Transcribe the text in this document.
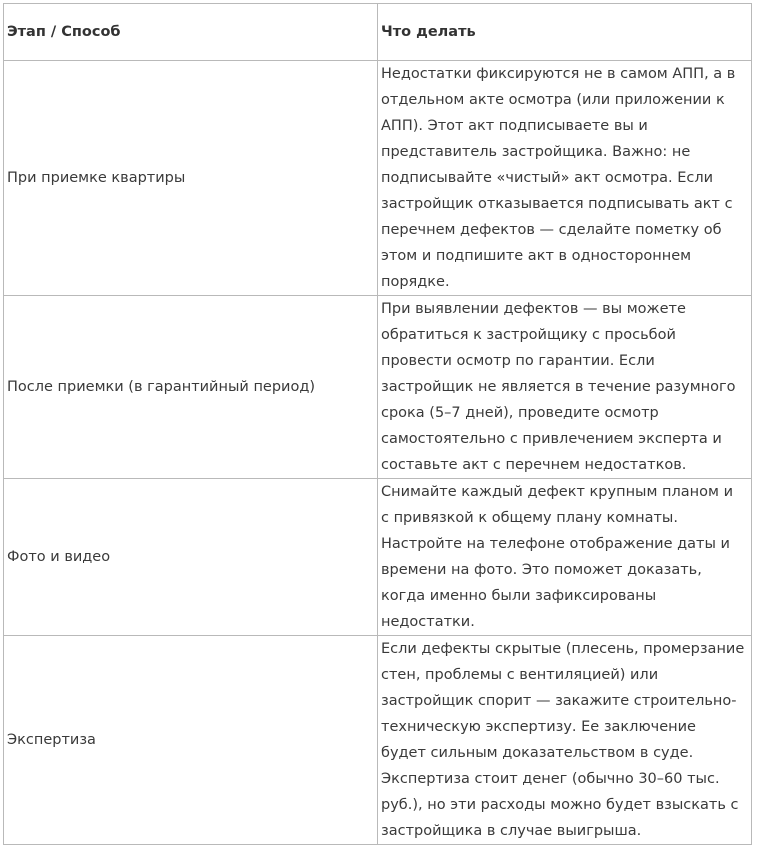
Этап / Способ	Что делать
При приемке квартиры	Недостатки фиксируются не в самом АПП, а в отдельном акте осмотра (или приложении к АПП). Этот акт подписываете вы и представитель застройщика. Важно: не подписывайте «чистый» акт осмотра. Если застройщик отказывается подписывать акт с перечнем дефектов — сделайте пометку об этом и подпишите акт в одностороннем порядке.
После приемки (в гарантийный период)	При выявлении дефектов — вы можете обратиться к застройщику с просьбой провести осмотр по гарантии. Если застройщик не является в течение разумного срока (5–7 дней), проведите осмотр самостоятельно с привлечением эксперта и составьте акт с перечнем недостатков.
Фото и видео	Снимайте каждый дефект крупным планом и с привязкой к общему плану комнаты. Настройте на телефоне отображение даты и времени на фото. Это поможет доказать, когда именно были зафиксированы недостатки.
Экспертиза	Если дефекты скрытые (плесень, промерзание стен, проблемы с вентиляцией) или застройщик спорит — закажите строительно-техническую экспертизу. Ее заключение будет сильным доказательством в суде. Экспертиза стоит денег (обычно 30–60 тыс. руб.), но эти расходы можно будет взыскать с застройщика в случае выигрыша.
